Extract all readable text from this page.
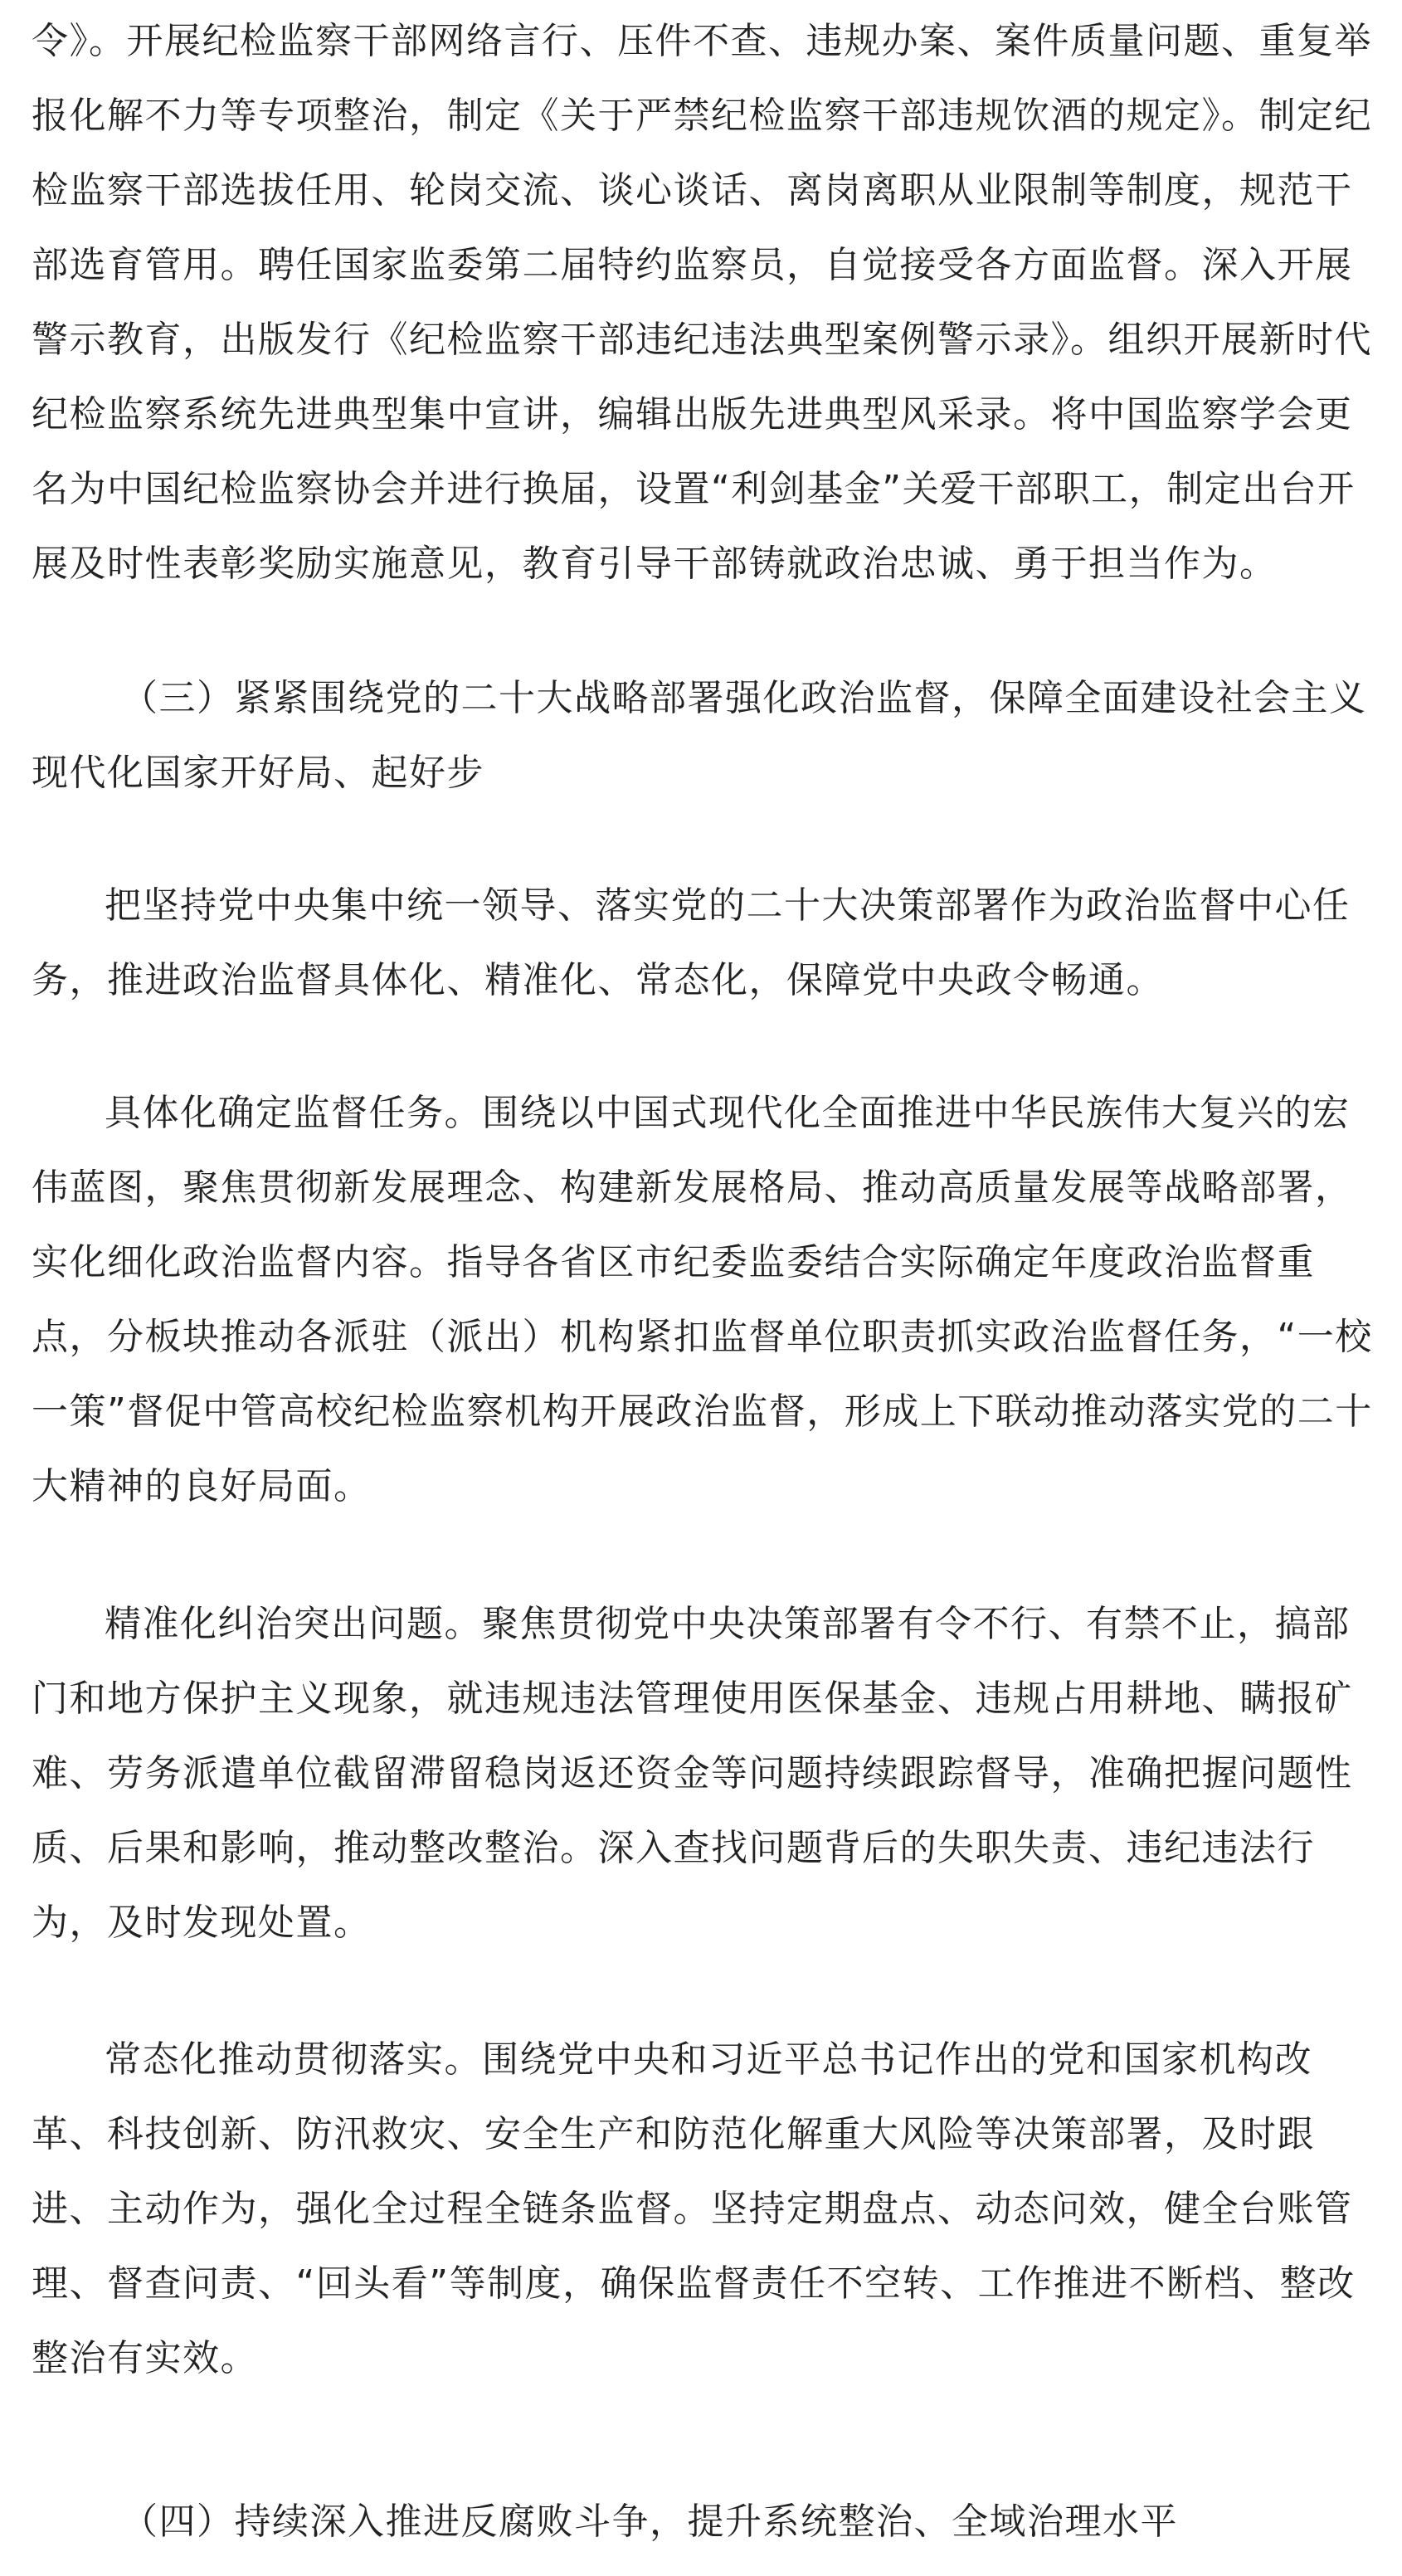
令》。开展纪检监察干部网络言行、压件不查、违规办案、案件质量问题、重复举报化解不力等专项整治，制定《关于严禁纪检监察干部违规饮酒的规定》。制定纪检监察干部选拔任用、轮岗交流、谈心谈话、离岗离职从业限制等制度，规范干部选育管用。聘任国家监委第二届特约监察员，自觉接受各方面监督。深入开展警示教育，出版发行《纪检监察干部违纪违法典型案例警示录》。组织开展新时代纪检监察系统先进典型集中宣讲，编辑出版先进典型风采录。将中国监察学会更名为中国纪检监察协会并进行换届，设置“利剑基金”关爱干部职工，制定出台开展及时性表彰奖励实施意见，教育引导干部铸就政治忠诚、勇于担当作为。

（三）紧紧围绕党的二十大战略部署强化政治监督，保障全面建设社会主义现代化国家开好局、起好步

把坚持党中央集中统一领导、落实党的二十大决策部署作为政治监督中心任务，推进政治监督具体化、精准化、常态化，保障党中央政令畅通。

具体化确定监督任务。围绕以中国式现代化全面推进中华民族伟大复兴的宏伟蓝图，聚焦贯彻新发展理念、构建新发展格局、推动高质量发展等战略部署，实化细化政治监督内容。指导各省区市纪委监委结合实际确定年度政治监督重点，分板块推动各派驻（派出）机构紧扣监督单位职责抓实政治监督任务，“一校一策”督促中管高校纪检监察机构开展政治监督，形成上下联动推动落实党的二十大精神的良好局面。

精准化纠治突出问题。聚焦贯彻党中央决策部署有令不行、有禁不止，搞部门和地方保护主义现象，就违规违法管理使用医保基金、违规占用耕地、瞒报矿难、劳务派遣单位截留滞留稳岗返还资金等问题持续跟踪督导，准确把握问题性质、后果和影响，推动整改整治。深入查找问题背后的失职失责、违纪违法行为，及时发现处置。

常态化推动贯彻落实。围绕党中央和习近平总书记作出的党和国家机构改革、科技创新、防汛救灾、安全生产和防范化解重大风险等决策部署，及时跟进、主动作为，强化全过程全链条监督。坚持定期盘点、动态问效，健全台账管理、督查问责、“回头看”等制度，确保监督责任不空转、工作推进不断档、整改整治有实效。

（四）持续深入推进反腐败斗争，提升系统整治、全域治理水平
